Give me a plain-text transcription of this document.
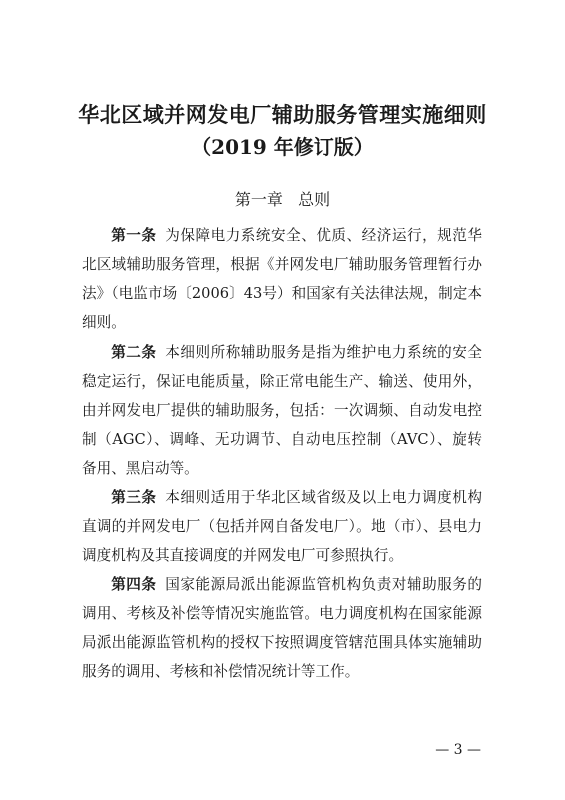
华北区域并网发电厂辅助服务管理实施细则
（2019 年修订版）
第一章   总则

第一条 为保障电力系统安全、优质、经济运行，规范华北区域辅助服务管理，根据《并网发电厂辅助服务管理暂行办法》（电监市场〔2006〕43号）和国家有关法律法规，制定本细则。

第二条 本细则所称辅助服务是指为维护电力系统的安全稳定运行，保证电能质量，除正常电能生产、输送、使用外，由并网发电厂提供的辅助服务，包括：一次调频、自动发电控制（AGC）、调峰、无功调节、自动电压控制（AVC）、旋转备用、黑启动等。

第三条 本细则适用于华北区域省级及以上电力调度机构直调的并网发电厂（包括并网自备发电厂）。地（市）、县电力调度机构及其直接调度的并网发电厂可参照执行。

第四条 国家能源局派出能源监管机构负责对辅助服务的调用、考核及补偿等情况实施监管。电力调度机构在国家能源局派出能源监管机构的授权下按照调度管辖范围具体实施辅助服务的调用、考核和补偿情况统计等工作。

— 3 —
